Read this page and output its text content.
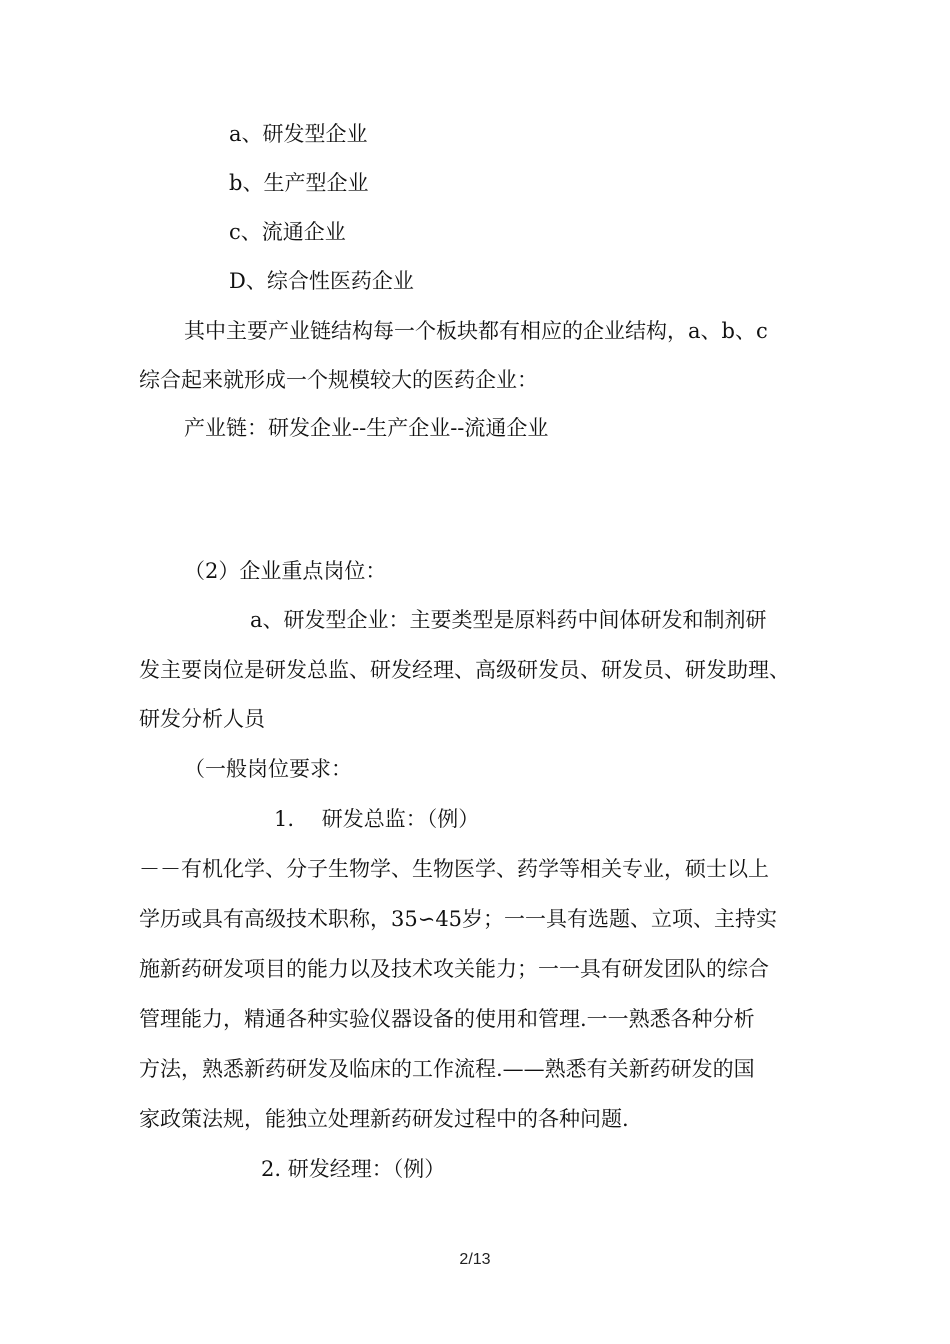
a、研发型企业
b、生产型企业
c、流通企业
D、综合性医药企业
其中主要产业链结构每一个板块都有相应的企业结构，a、b、c
综合起来就形成一个规模较大的医药企业：
产业链：研发企业--生产企业--流通企业
（2）企业重点岗位：
a、研发型企业：主要类型是原料药中间体研发和制剂研
发主要岗位是研发总监、研发经理、高级研发员、研发员、研发助理、
研发分析人员
（一般岗位要求：
1.　 研发总监：（例）
－－有机化学、分子生物学、生物医学、药学等相关专业，硕士以上
学历或具有高级技术职称，35∽45岁；一一具有选题、立项、主持实
施新药研发项目的能力以及技术攻关能力；一一具有研发团队的综合
管理能力，精通各种实验仪器设备的使用和管理.一一熟悉各种分析
方法，熟悉新药研发及临床的工作流程.——熟悉有关新药研发的国
家政策法规，能独立处理新药研发过程中的各种问题.
2. 研发经理：（例）
2/13
